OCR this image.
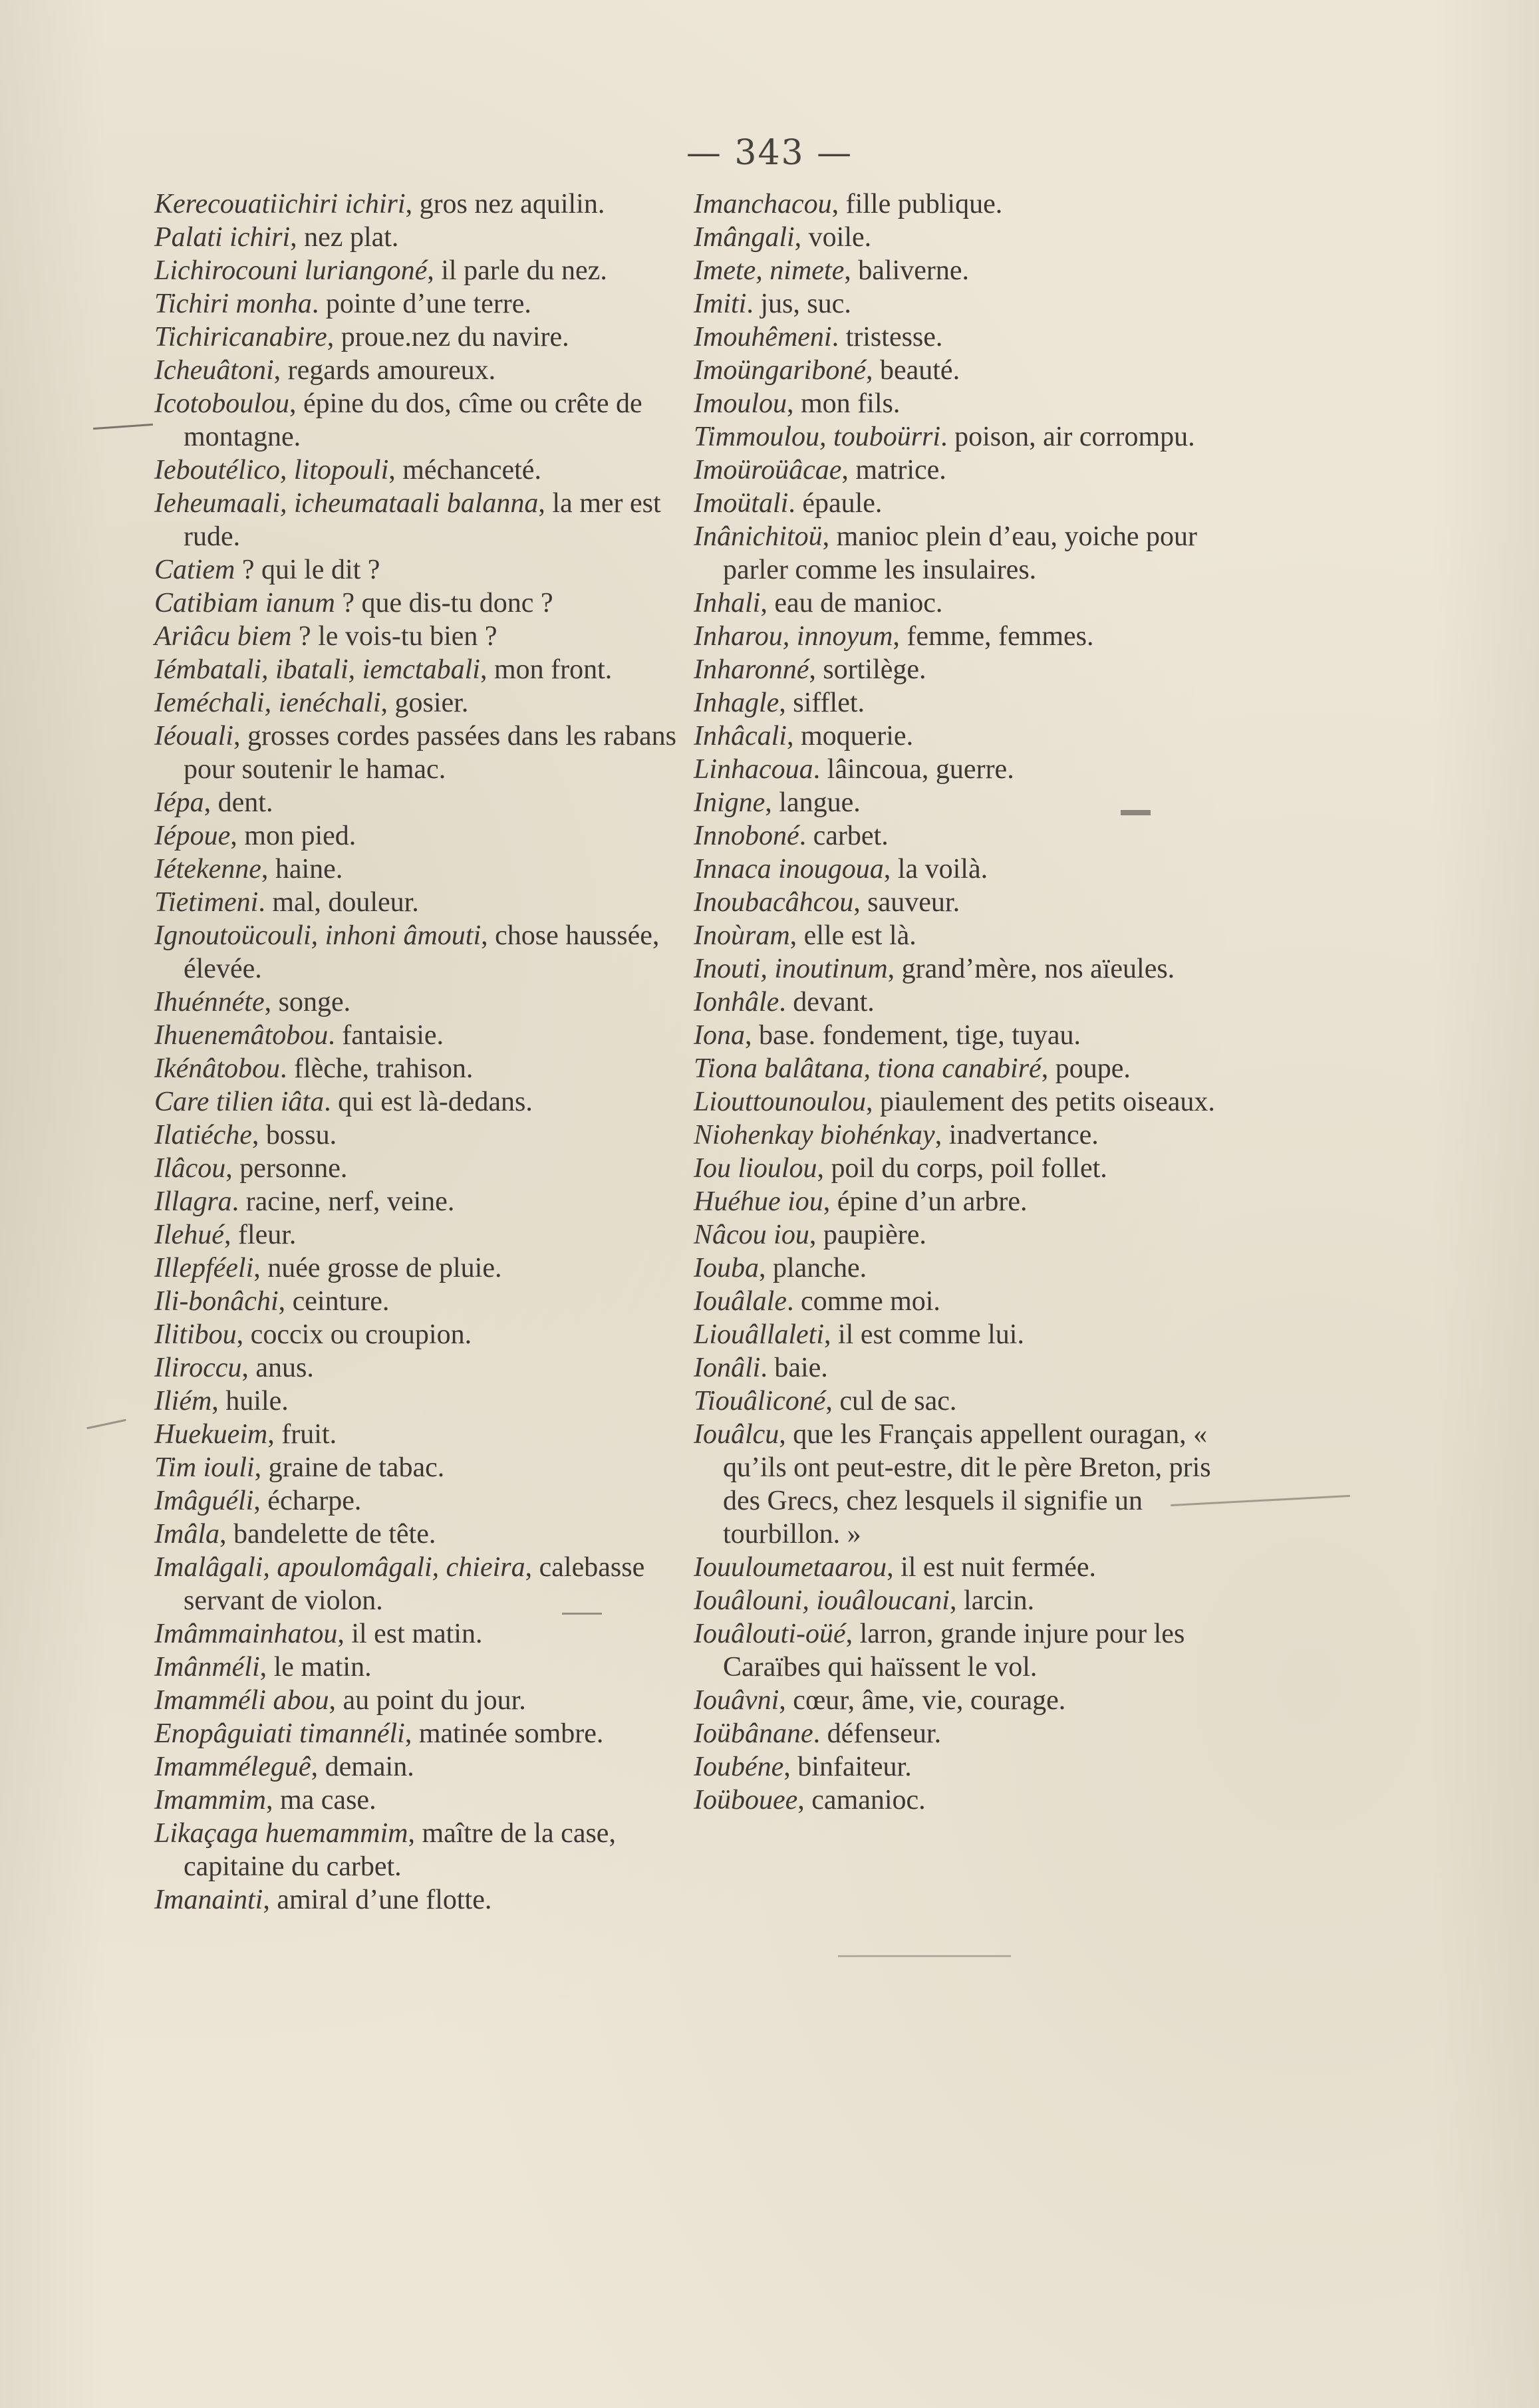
— 343 —

Kerecouatiichiri ichiri, gros nez aquilin.

Palati ichiri, nez plat.

Lichirocouni luriangoné, il parle du nez.

Tichiri monha. pointe d’une terre.

Tichiricanabire, proue.nez du navire.

Icheuâtoni, regards amoureux.

Icotoboulou, épine du dos, cîme ou crête de montagne.

Ieboutélico, litopouli, méchanceté.

Ieheumaali, icheumataali balanna, la mer est rude.

Catiem ? qui le dit ?

Catibiam ianum ? que dis-tu donc ?

Ariâcu biem ? le vois-tu bien ?

Iémbatali, ibatali, iemctabali, mon front.

Ieméchali, ienéchali, gosier.

Iéouali, grosses cordes passées dans les rabans pour soutenir le hamac.

Iépa, dent.

Iépoue, mon pied.

Iétekenne, haine.

Tietimeni. mal, douleur.

Ignoutoücouli, inhoni âmouti, chose haussée, élevée.

Ihuénnéte, songe.

Ihuenemâtobou. fantaisie.

Ikénâtobou. flèche, trahison.

Care tilien iâta. qui est là-dedans.

Ilatiéche, bossu.

Ilâcou, personne.

Illagra. racine, nerf, veine.

Ilehué, fleur.

Illepféeli, nuée grosse de pluie.

Ili-bonâchi, ceinture.

Ilitibou, coccix ou croupion.

Iliroccu, anus.

Iliém, huile.

Huekueim, fruit.

Tim iouli, graine de tabac.

Imâguéli, écharpe.

Imâla, bandelette de tête.

Imalâgali, apoulomâgali, chieira, calebasse servant de violon.

Imâmmainhatou, il est matin.

Imânméli, le matin.

Imamméli abou, au point du jour.

Enopâguiati timannéli, matinée sombre.

Imamméleguê, demain.

Imammim, ma case.

Likaçaga huemammim, maître de la case, capitaine du carbet.

Imanainti, amiral d’une flotte.

Imanchacou, fille publique.

Imângali, voile.

Imete, nimete, baliverne.

Imiti. jus, suc.

Imouhêmeni. tristesse.

Imoüngariboné, beauté.

Imoulou, mon fils.

Timmoulou, touboürri. poison, air corrompu.

Imoüroüâcae, matrice.

Imoütali. épaule.

Inânichitoü, manioc plein d’eau, yoiche pour parler comme les insulaires.

Inhali, eau de manioc.

Inharou, innoyum, femme, femmes.

Inharonné, sortilège.

Inhagle, sifflet.

Inhâcali, moquerie.

Linhacoua. lâincoua, guerre.

Inigne, langue.

Innoboné. carbet.

Innaca inougoua, la voilà.

Inoubacâhcou, sauveur.

Inoùram, elle est là.

Inouti, inoutinum, grand’mère, nos aïeules.

Ionhâle. devant.

Iona, base. fondement, tige, tuyau.

Tiona balâtana, tiona canabiré, poupe.

Liouttounoulou, piaulement des petits oiseaux.

Niohenkay biohénkay, inadvertance.

Iou lioulou, poil du corps, poil follet.

Huéhue iou, épine d’un arbre.

Nâcou iou, paupière.

Iouba, planche.

Iouâlale. comme moi.

Liouâllaleti, il est comme lui.

Ionâli. baie.

Tiouâliconé, cul de sac.

Iouâlcu, que les Français appellent ouragan, « qu’ils ont peut-estre, dit le père Breton, pris des Grecs, chez lesquels il signifie un tourbillon. »

Iouuloumetaarou, il est nuit fermée.

Iouâlouni, iouâloucani, larcin.

Iouâlouti-oüé, larron, grande injure pour les Caraïbes qui haïssent le vol.

Iouâvni, cœur, âme, vie, courage.

Ioübânane. défenseur.

Ioubéne, binfaiteur.

Ioübouee, camanioc.
